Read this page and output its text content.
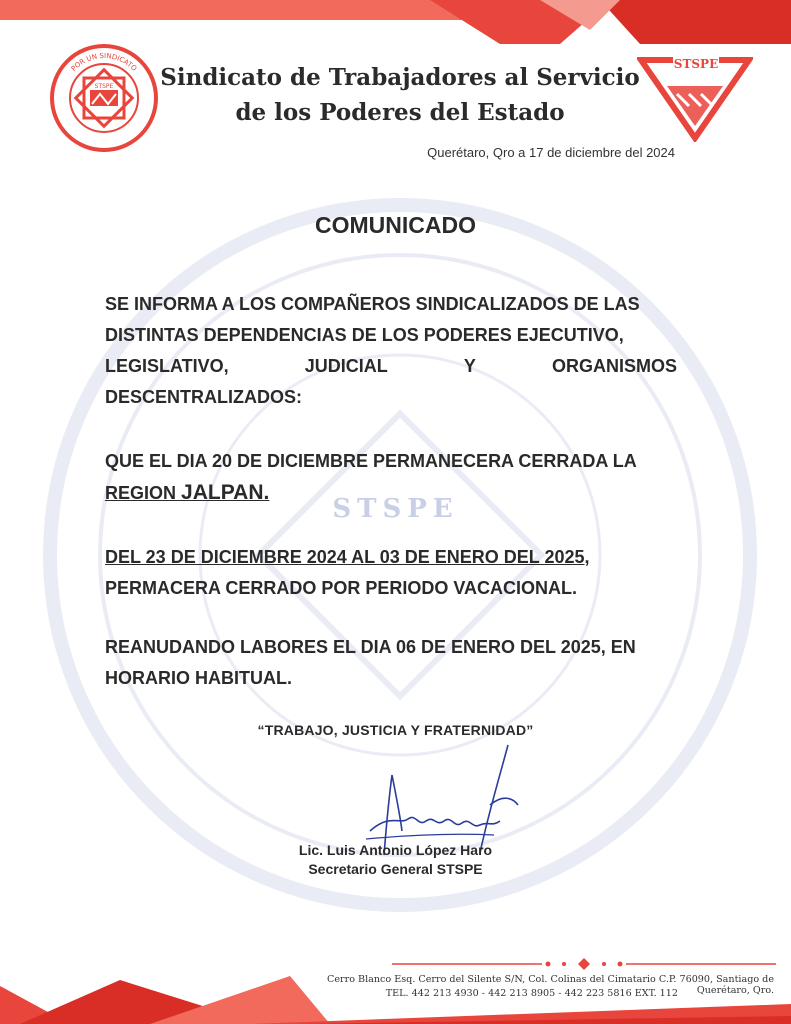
STSPE
STSPE
POR UN SINDICATO Sindicato de Trabajadores al Servicio
de los Poderes del Estado
STSPE
Querétaro, Qro a 17 de diciembre del 2024
COMUNICADO
SE INFORMA A LOS COMPAÑEROS SINDICALIZADOS DE LAS
DISTINTAS DEPENDENCIAS DE LOS PODERES EJECUTIVO,
LEGISLATIVO,	JUDICIAL	Y	ORGANISMOS
DESCENTRALIZADOS:
QUE EL DIA 20 DE DICIEMBRE PERMANECERA CERRADA LA
REGION JALPAN.
DEL 23 DE DICIEMBRE 2024 AL 03 DE ENERO DEL 2025,
PERMACERA CERRADO POR PERIODO VACACIONAL.
REANUDANDO LABORES EL DIA 06 DE ENERO DEL 2025, EN
HORARIO HABITUAL.
“TRABAJO, JUSTICIA Y FRATERNIDAD”
Lic. Luis Antonio López Haro
Secretario General STSPE
Cerro Blanco Esq. Cerro del Silente S/N, Col. Colinas del Cimatario C.P. 76090, Santiago de Querétaro, Qro.
TEL. 442 213 4930 - 442 213 8905 - 442 223 5816 EXT. 112
